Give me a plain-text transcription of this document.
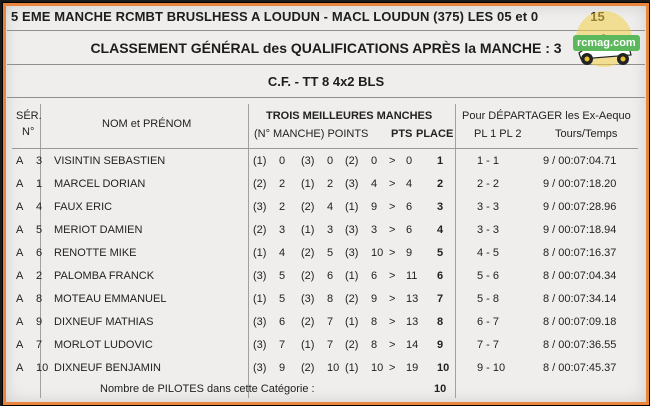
5 EME MANCHE RCMBT BRUSLHESS A LOUDUN - MACL LOUDUN (375) LES 05 et 0
CLASSEMENT GÉNÉRAL des QUALIFICATIONS APRÈS la MANCHE : 3
C.F. - TT 8 4x2 BLS
rcmag.com
SÉR.
N°
NOM et PRÉNOM
TROIS MEILLEURES MANCHES
(N° MANCHE) POINTS PTS PLACE
Pour DÉPARTAGER les Ex-Aequo
PL 1 PL 2	Tours/Temps
A 3 VISINTIN SEBASTIEN	(1) 0 (3) 0 (2) 0 > 0 1	1 - 1	9 / 00:07:04.71
A 1 MARCEL DORIAN	(2) 2 (1) 2 (3) 4 > 4 2	2 - 2	9 / 00:07:18.20
A 4 FAUX ERIC	(3) 2 (2) 4 (1) 9 > 6 3	3 - 3	9 / 00:07:28.96
A 5 MERIOT DAMIEN	(2) 3 (1) 3 (3) 3 > 6 4	3 - 3	9 / 00:07:18.94
A 6 RENOTTE MIKE	(1) 4 (2) 5 (3) 10 > 9 5	4 - 5	8 / 00:07:16.37
A 2 PALOMBA FRANCK	(3) 5 (2) 6 (1) 6 > 11 6	5 - 6	8 / 00:07:04.34
A 8 MOTEAU EMMANUEL	(1) 5 (3) 8 (2) 9 > 13 7	5 - 8	8 / 00:07:34.14
A 9 DIXNEUF MATHIAS	(3) 6 (2) 7 (1) 8 > 13 8	6 - 7	8 / 00:07:09.18
A 7 MORLOT LUDOVIC	(3) 7 (1) 7 (2) 8 > 14 9	7 - 7	8 / 00:07:36.55
A 10 DIXNEUF BENJAMIN	(3) 9 (2) 10 (1) 10 > 19 10	9 - 10	8 / 00:07:45.37
Nombre de PILOTES dans cette Catégorie :	10
